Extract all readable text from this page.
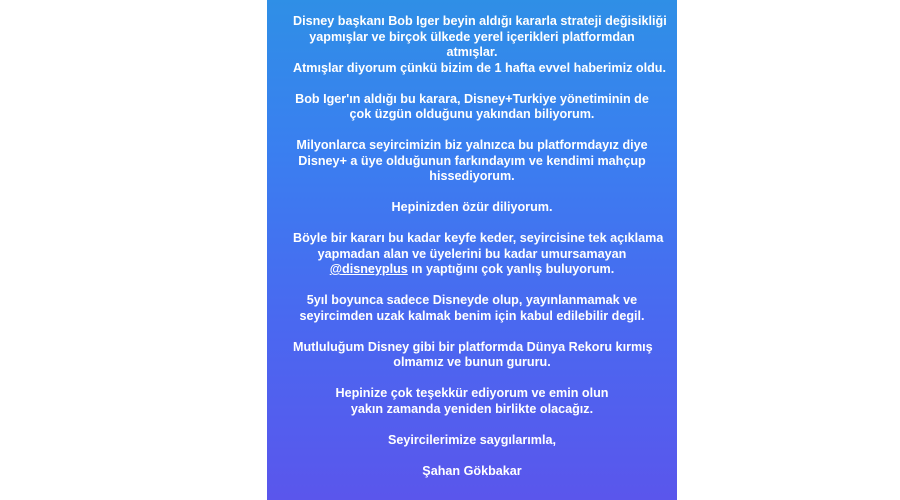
Disney başkanı Bob Iger beyin aldığı kararla strateji değisikliği
yapmışlar ve birçok ülkede yerel içerikleri platformdan
atmışlar.
Atmışlar diyorum çünkü bizim de 1 hafta evvel haberimiz oldu.

Bob Iger'ın aldığı bu karara, Disney+Turkiye yönetiminin de
çok üzgün olduğunu yakından biliyorum.

Milyonlarca seyircimizin biz yalnızca bu platformdayız diye
Disney+ a üye olduğunun farkındayım ve kendimi mahçup
hissediyorum.

Hepinizden özür diliyorum.

Böyle bir kararı bu kadar keyfe keder, seyircisine tek açıklama
yapmadan alan ve üyelerini bu kadar umursamayan
@disneyplus ın yaptığını çok yanlış buluyorum.

5yıl boyunca sadece Disneyde olup, yayınlanmamak ve
seyircimden uzak kalmak benim için kabul edilebilir degil.

Mutluluğum Disney gibi bir platformda Dünya Rekoru kırmış
olmamız ve bunun gururu.

Hepinize çok teşekkür ediyorum ve emin olun
yakın zamanda yeniden birlikte olacağız.

Seyircilerimize saygılarımla,

Şahan Gökbakar
